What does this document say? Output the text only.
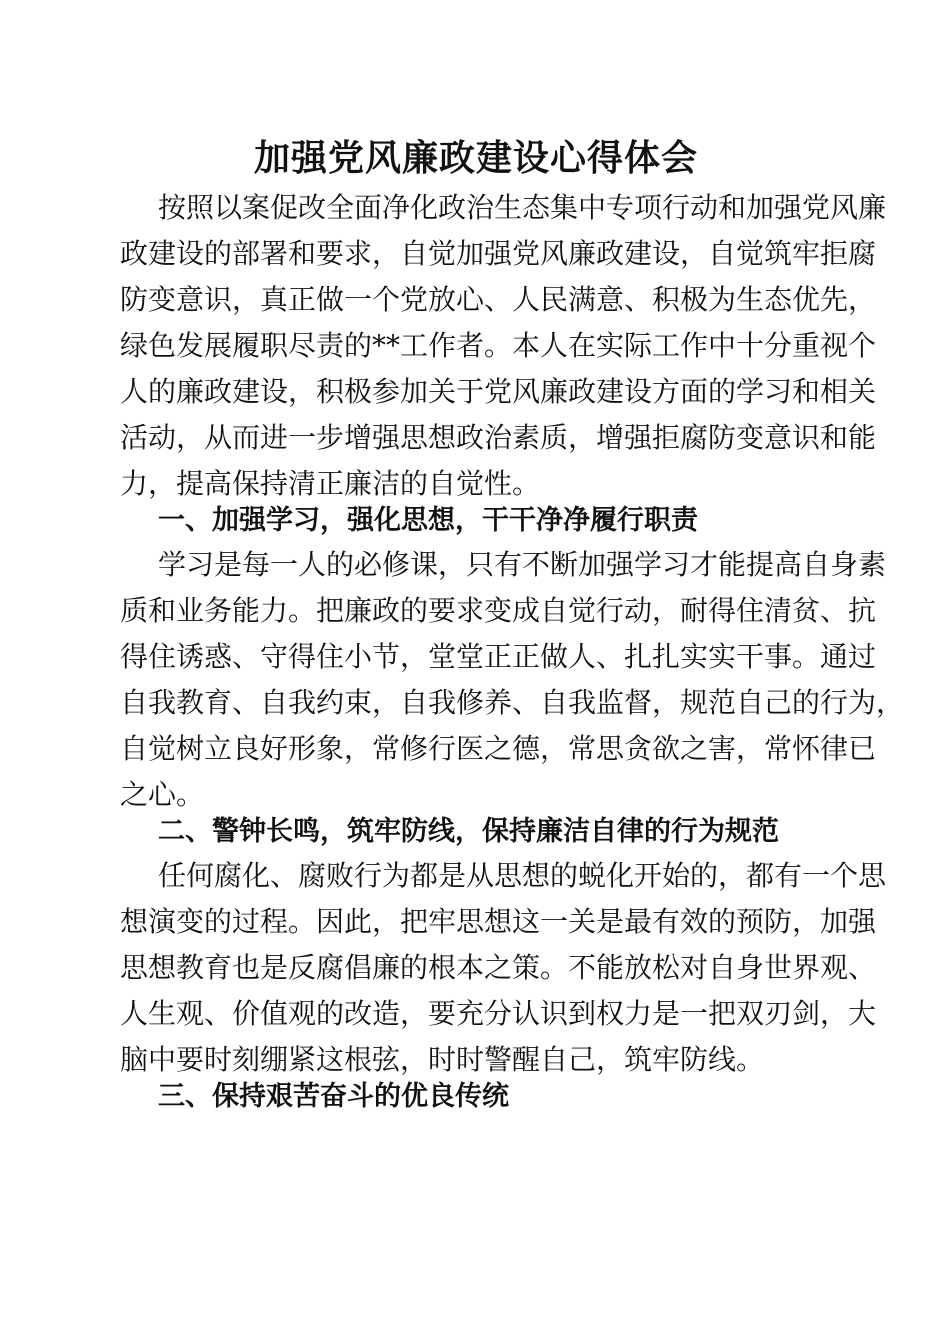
加强党风廉政建设心得体会
按照以案促改全面净化政治生态集中专项行动和加强党风廉
政建设的部署和要求，自觉加强党风廉政建设，自觉筑牢拒腐
防变意识，真正做一个党放心、人民满意、积极为生态优先，
绿色发展履职尽责的**工作者。本人在实际工作中十分重视个
人的廉政建设，积极参加关于党风廉政建设方面的学习和相关
活动，从而进一步增强思想政治素质，增强拒腐防变意识和能
力，提高保持清正廉洁的自觉性。
一、加强学习，强化思想，干干净净履行职责
学习是每一人的必修课，只有不断加强学习才能提高自身素
质和业务能力。把廉政的要求变成自觉行动，耐得住清贫、抗
得住诱惑、守得住小节，堂堂正正做人、扎扎实实干事。通过
自我教育、自我约束，自我修养、自我监督，规范自己的行为，
自觉树立良好形象，常修行医之德，常思贪欲之害，常怀律已
之心。
二、警钟长鸣，筑牢防线，保持廉洁自律的行为规范
任何腐化、腐败行为都是从思想的蜕化开始的，都有一个思
想演变的过程。因此，把牢思想这一关是最有效的预防，加强
思想教育也是反腐倡廉的根本之策。不能放松对自身世界观、
人生观、价值观的改造，要充分认识到权力是一把双刃剑，大
脑中要时刻绷紧这根弦，时时警醒自己，筑牢防线。
三、保持艰苦奋斗的优良传统
